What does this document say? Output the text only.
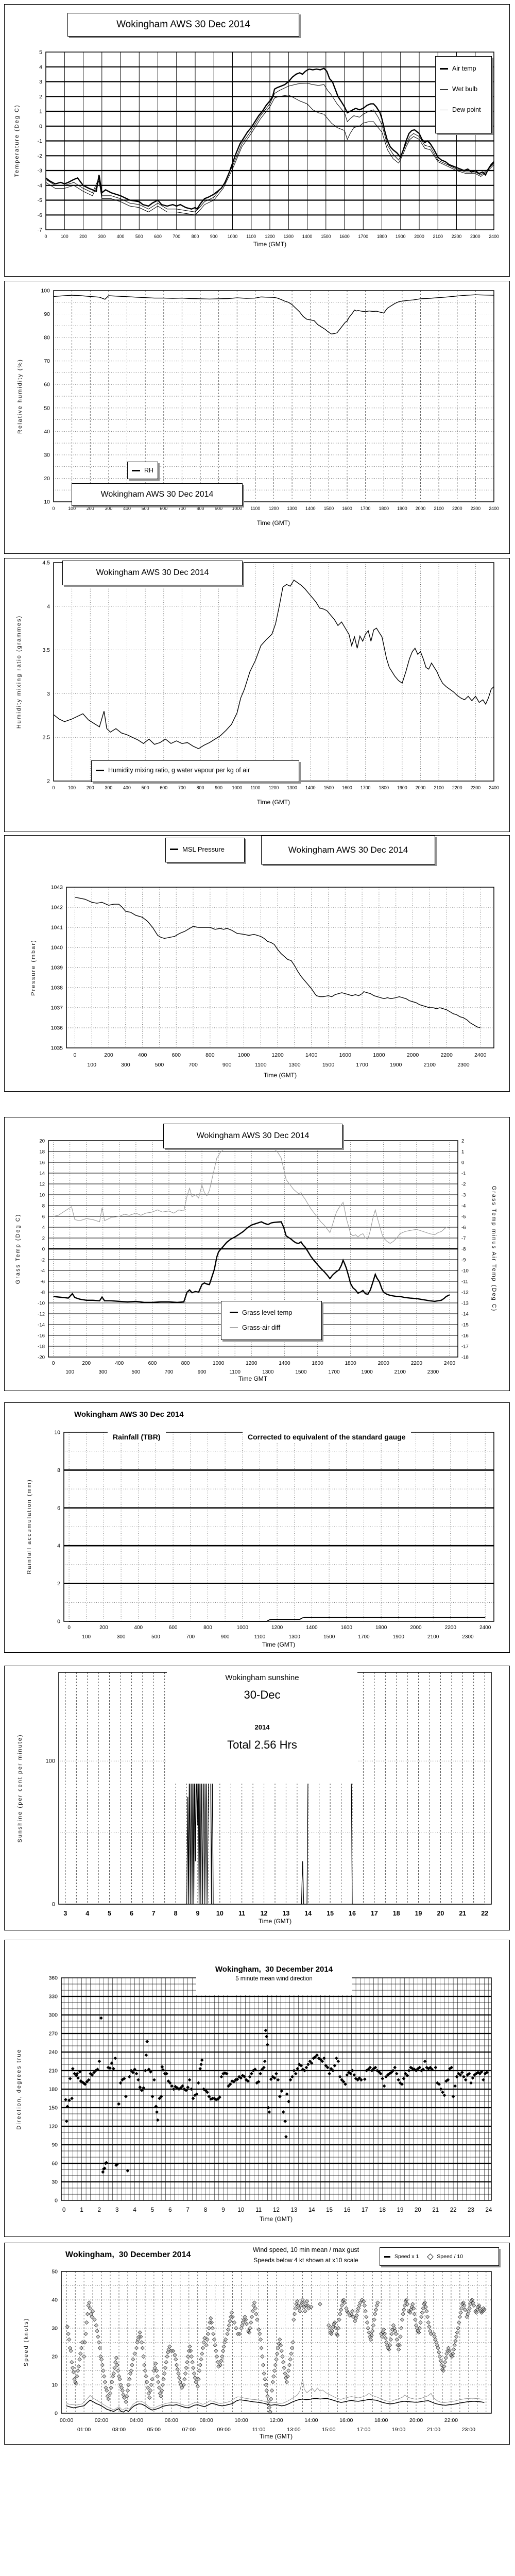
5
4
3
2
1
0
-1
-2
-3
-4
-5
-6
-7
0	100 200 300 400 500 600 700 800 900 1000 1100 1200 1300 1400 1500 1600 1700 1800 1900 2000 2100 2200 2300 2400
Wokingham AWS 30 Dec 2014
Air temp
Wet bulb
Dew point
Temperature (Deg C)
Time (GMT)
100
90
80
70
60
50
40
30
20
10
0	100 200 300 400 500 600 700 800 900 1000 1100 1200 1300 1400 1500 1600 1700 1800 1900 2000 2100 2200 2300 2400
RH
Wokingham AWS 30 Dec 2014
Relative humidity (%)
Time (GMT)
4.5
4
3.5
3
2.5
2
0	100 200 300 400 500 600 700 800 900 1000 1100 1200 1300 1400 1500 1600 1700 1800 1900 2000 2100 2200 2300 2400
Wokingham AWS 30 Dec 2014
Humidity mixing ratio, g water vapour per kg of air
Humidity mixing ratio (grammes)
Time (GMT)
1043
1042
1041
1040
1039
1038
1037
1036
1035
0
100
200
300
400
500
600
700
800
900
1000
1100
1200
1300
1400
1500
1600
1700
1800
1900
2000
2100
2200
2300
2400
MSL Pressure	Wokingham AWS 30 Dec 2014
Pressure (mbar)
Time (GMT)
20
18
16
14
12
10
8
6
4
2
0
-2
-4
-6
-8
-10
-12
-14
-16
-18
-20
2
1
0
-1
-2
-3
-4
-5
-6
-7
-8
-9
-10
-11
-12
-13
-14
-15
-16
-17
-18
0
100
200
300
400
500
600
700
800
900
1000
1100
1200
1300
1400
1500
1600
1700
1800
1900
2000
2100
2200
2300
2400
Wokingham AWS 30 Dec 2014
Grass level temp
Grass-air diff
Grass Temp (Deg C)	Grass Temp minus Air Temp (Deg C)
Time GMT
10
8
6
4
2
0
0
100
200
300
400
500
600
700
800
900
1000
1100
1200
1300
1400
1500
1600
1700
1800
1900
2000
2100
2200
2300
2400
Wokingham AWS 30 Dec 2014
Rainfall (TBR)	Corrected to equivalent of the standard gauge
Rainfall accumulation (mm)
Time (GMT)
0
100
3	4	5	6	7	8	9	10 11 12 13 14 15 16 17 18 19 20 21 22
Wokingham sunshine
30-Dec
2014
Total 2.56 Hrs
Sunshine (per cent per minute)
Time (GMT)
360
330
300
270
240
210
180
150
120
90
60
30
0
0 1 2 3 4 5 6 7 8 9 10 11 12 13 14 15 16 17 18 19 20 21 22 23 24
Wokingham,  30 December 2014
5 minute mean wind direction
Direction, degrees true
Time (GMT)
50
40
30
20
10
0
00:00
01:00
02:00
03:00
04:00
05:00
06:00
07:00
08:00
09:00
10:00
11:00
12:00
13:00
14:00
15:00
16:00
17:00
18:00
19:00
20:00
21:00
22:00
23:00
Wokingham,  30 December 2014
Wind speed, 10 min mean / max gust
Speeds below 4 kt shown at x10 scale	Speed x 1	Speed / 10
Speed (knots)
Time (GMT)
